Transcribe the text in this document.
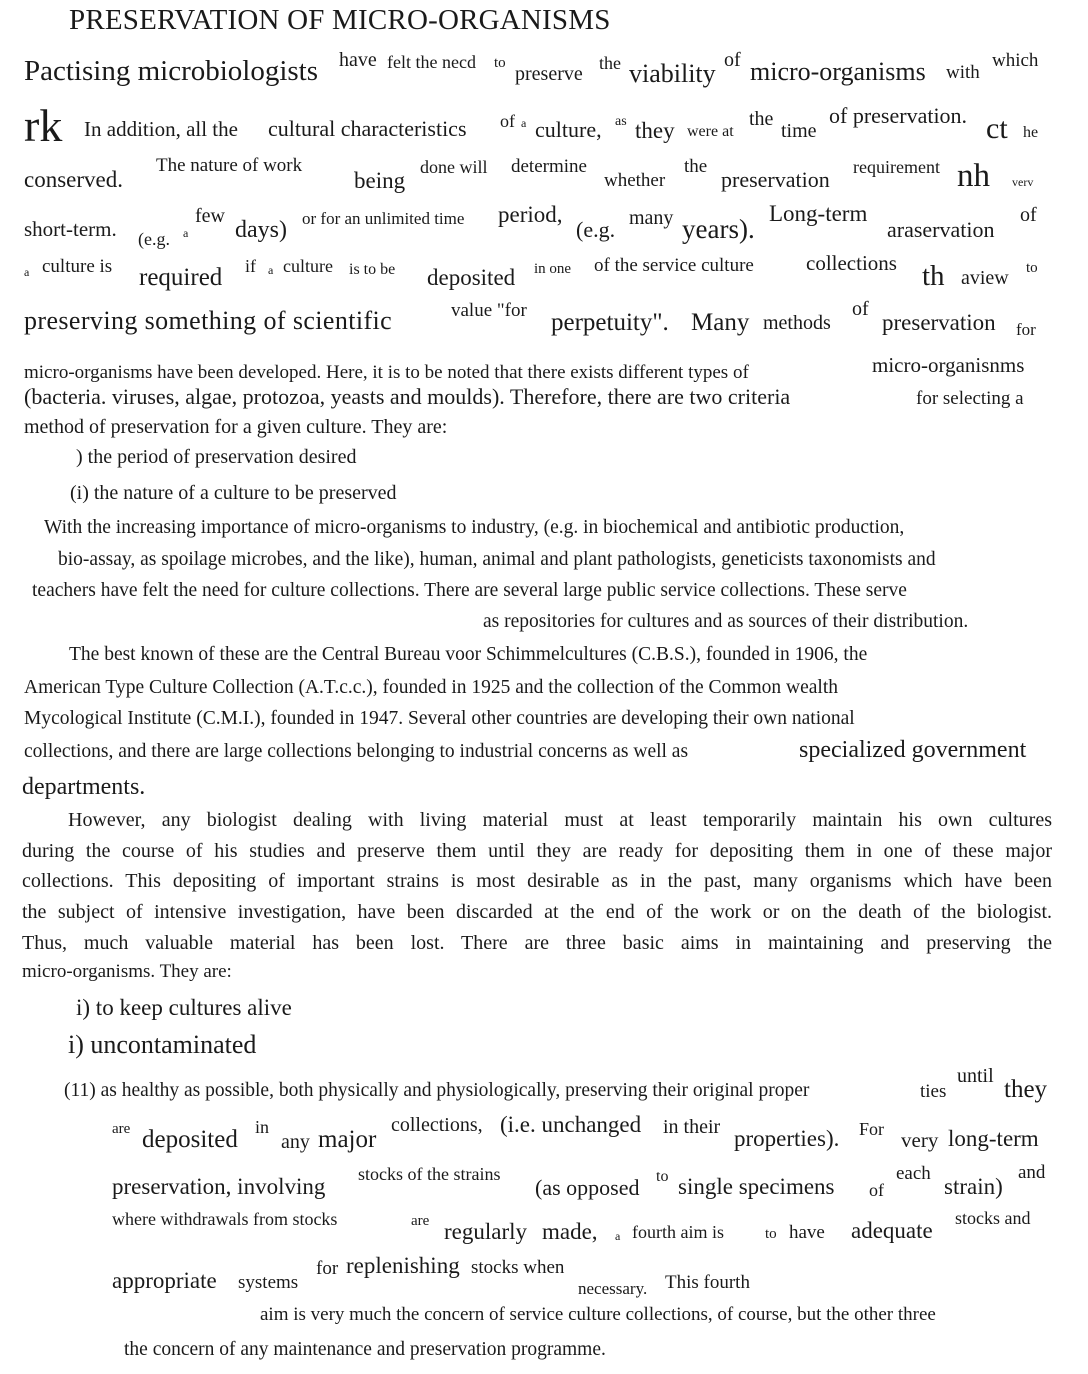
PRESERVATION OF MICRO-ORGANISMS
Pactising microbiologists have felt the necd to preserve the viability of micro-organisms with
which
rk In addition, all the cultural characteristics of a culture, as they were at
the
time
of preservation. ct he
conserved.
The nature of work
being
done will determine
whether
the
preservation requirement nh verv
short-term. (e.g. a
few
days) or for an unlimited time period,
(e.g. many years).
Long-term
araservation
of
a culture is required if a culture is to be deposited in one of the service culture collections th aview to
preserving something of scientific	value "for perpetuity". Many methods
of
preservation for
micro-organisms have been developed. Here, it is to be noted that there exists different types of	micro-organisnms
(bacteria. viruses, algae, protozoa, yeasts and moulds). Therefore, there are two criteria	for selecting a
method of preservation for a given culture. They are:
) the period of preservation desired
(i) the nature of a culture to be preserved
With the increasing importance of micro-organisms to industry, (e.g. in biochemical and antibiotic production,
bio-assay, as spoilage microbes, and the like), human, animal and plant pathologists, geneticists taxonomists and
teachers have felt the need for culture collections. There are several large public service collections. These serve
as repositories for cultures and as sources of their distribution.
The best known of these are the Central Bureau voor Schimmelcultures (C.B.S.), founded in 1906, the
American Type Culture Collection (A.T.c.c.), founded in 1925 and the collection of the Common wealth
Mycological Institute (C.M.I.), founded in 1947. Several other countries are developing their own national
collections, and there are large collections belonging to industrial concerns as well as	specialized government
departments.
However, any biologist dealing with living material must at least temporarily maintain his own cultures
during the course of his studies and preserve them until they are ready for depositing them in one of these major
collections. This depositing of important strains is most desirable as in the past, many organisms which have been
the subject of intensive investigation, have been discarded at the end of the work or on the death of the biologist.
Thus, much valuable material has been lost. There are three basic aims in maintaining and preserving the
micro-organisms. They are:
i) to keep cultures alive
i) uncontaminated
(11) as healthy as possible, both physically and physiologically, preserving their original proper	ties
until they
are deposited in
any major
collections, (i.e. unchanged in their properties). For very long-term
preservation, involving stocks of the strains
(as opposed to single specimens of
each
strain)
and
where withdrawals from stocks	are regularly made, a fourth aim is	to have adequate stocks and
appropriate systems
for replenishing stocks when
necessary. This fourth
aim is very much the concern of service culture collections, of course, but the other three
the concern of any maintenance and preservation programme.
